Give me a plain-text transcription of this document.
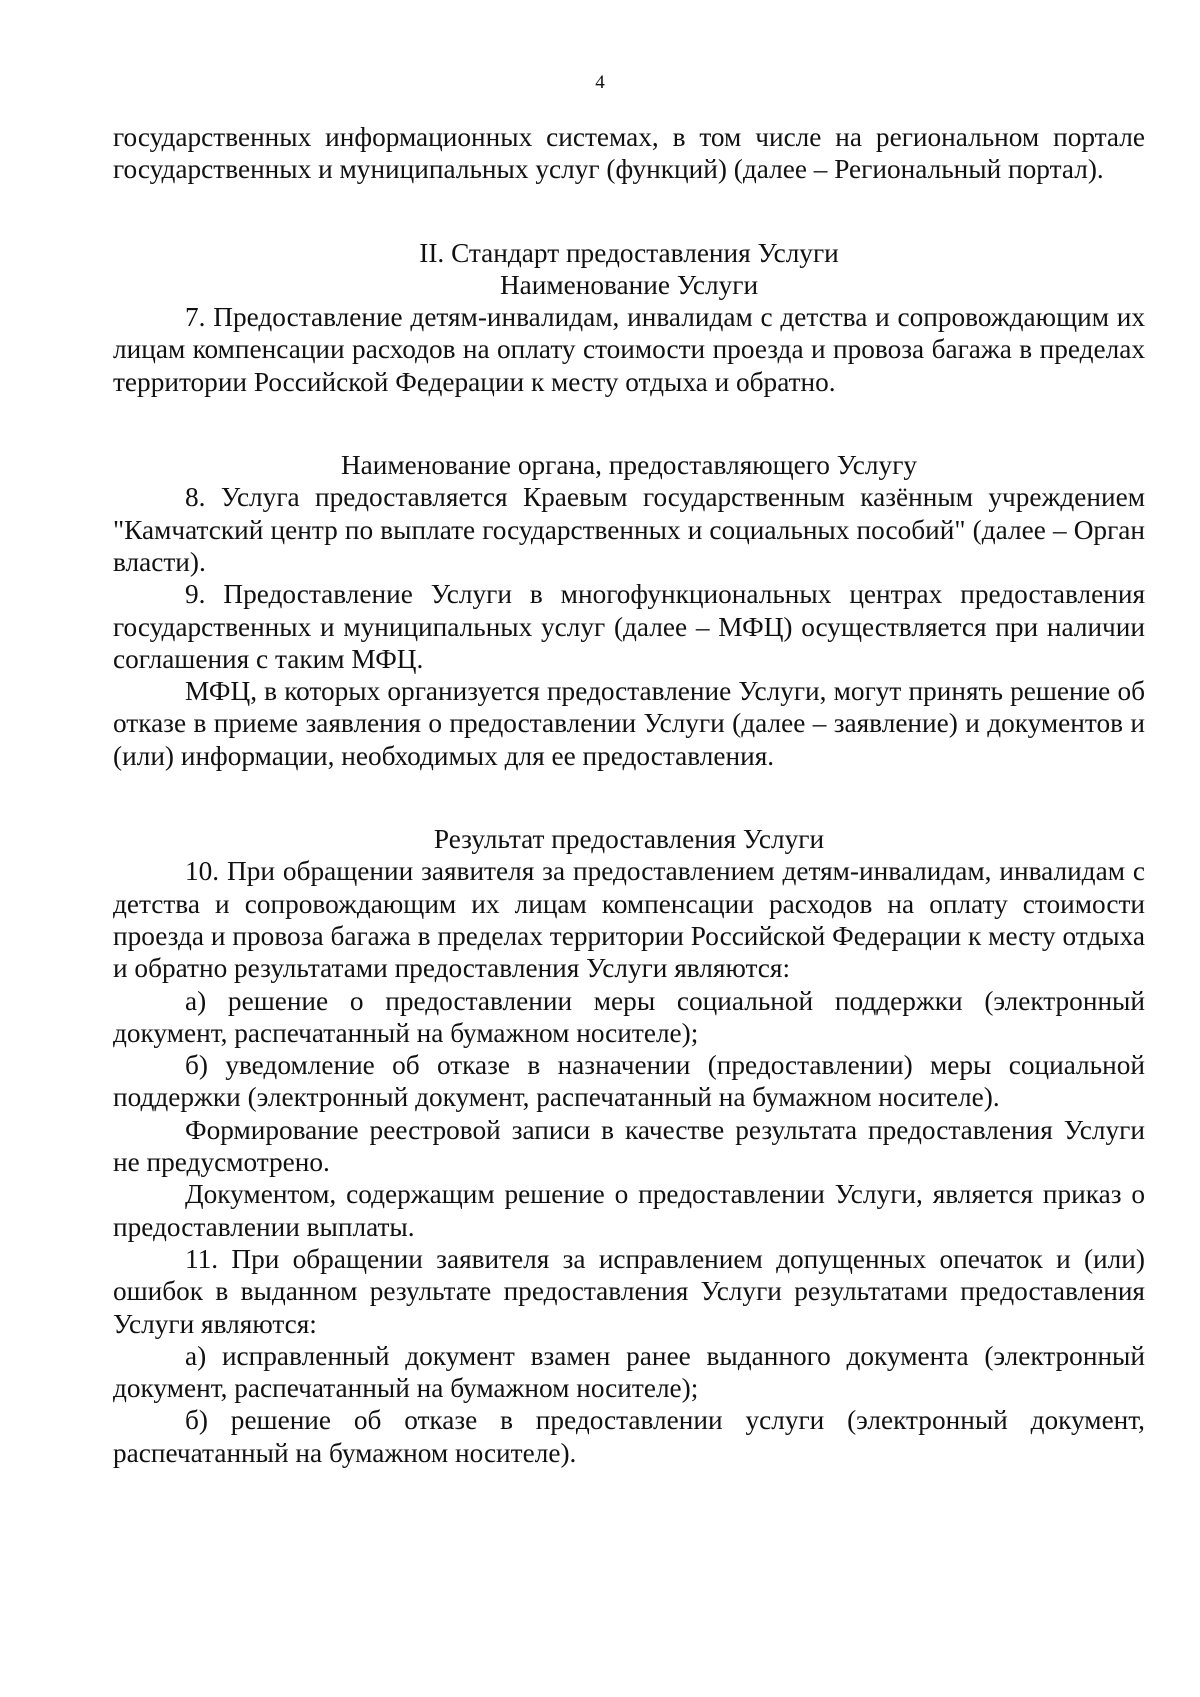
4

государственных информационных системах, в том числе на региональном портале государственных и муниципальных услуг (функций) (далее – Региональный портал).

II. Стандарт предоставления Услуги

Наименование Услуги

7. Предоставление детям-инвалидам, инвалидам с детства и сопровождающим их лицам компенсации расходов на оплату стоимости проезда и провоза багажа в пределах территории Российской Федерации к месту отдыха и обратно.

Наименование органа, предоставляющего Услугу

8. Услуга предоставляется Краевым государственным казённым учреждением "Камчатский центр по выплате государственных и социальных пособий" (далее – Орган власти).

9. Предоставление Услуги в многофункциональных центрах предоставления государственных и муниципальных услуг (далее – МФЦ) осуществляется при наличии соглашения с таким МФЦ.

МФЦ, в которых организуется предоставление Услуги, могут принять решение об отказе в приеме заявления о предоставлении Услуги (далее – заявление) и документов и (или) информации, необходимых для ее предоставления.

Результат предоставления Услуги

10. При обращении заявителя за предоставлением детям-инвалидам, инвалидам с детства и сопровождающим их лицам компенсации расходов на оплату стоимости проезда и провоза багажа в пределах территории Российской Федерации к месту отдыха и обратно результатами предоставления Услуги являются:

а) решение о предоставлении меры социальной поддержки (электронный документ, распечатанный на бумажном носителе);

б) уведомление об отказе в назначении (предоставлении) меры социальной поддержки (электронный документ, распечатанный на бумажном носителе).

Формирование реестровой записи в качестве результата предоставления Услуги не предусмотрено.

Документом, содержащим решение о предоставлении Услуги, является приказ о предоставлении выплаты.

11. При обращении заявителя за исправлением допущенных опечаток и (или) ошибок в выданном результате предоставления Услуги результатами предоставления Услуги являются:

а) исправленный документ взамен ранее выданного документа (электронный документ, распечатанный на бумажном носителе);

б) решение об отказе в предоставлении услуги (электронный документ, распечатанный на бумажном носителе).
